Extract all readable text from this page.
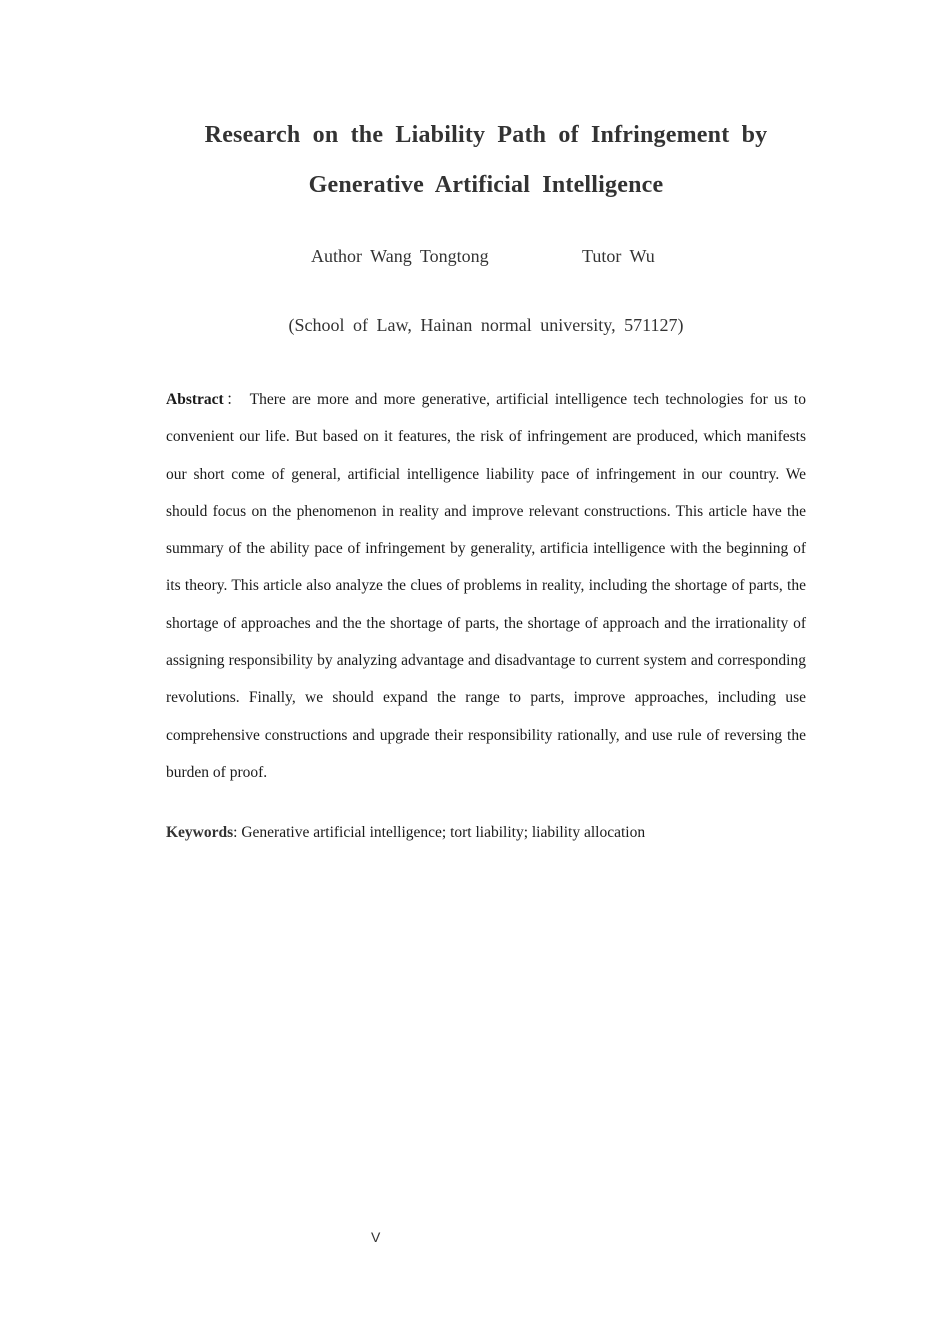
Research on the Liability Path of Infringement by
Generative Artificial Intelligence
Author Wang Tongtong	Tutor Wu
(School of Law, Hainan normal university, 571127)

Abstract： There are more and more generative, artificial intelligence tech technologies for us to convenient our life. But based on it features, the risk of infringement are produced, which manifests our short come of general, artificial intelligence liability pace of infringement in our country. We should focus on the phenomenon in reality and improve relevant constructions. This article have the summary of the ability pace of infringement by generality, artificia intelligence with the beginning of its theory. This article also analyze the clues of problems in reality, including the shortage of parts, the shortage of approaches and the the shortage of parts, the shortage of approach and the irrationality of assigning responsibility by analyzing advantage and disadvantage to current system and corresponding revolutions. Finally, we should expand the range to parts, improve approaches, including use comprehensive constructions and upgrade their responsibility rationally, and use rule of reversing the burden of proof.

Keywords: Generative artificial intelligence; tort liability; liability allocation

V
